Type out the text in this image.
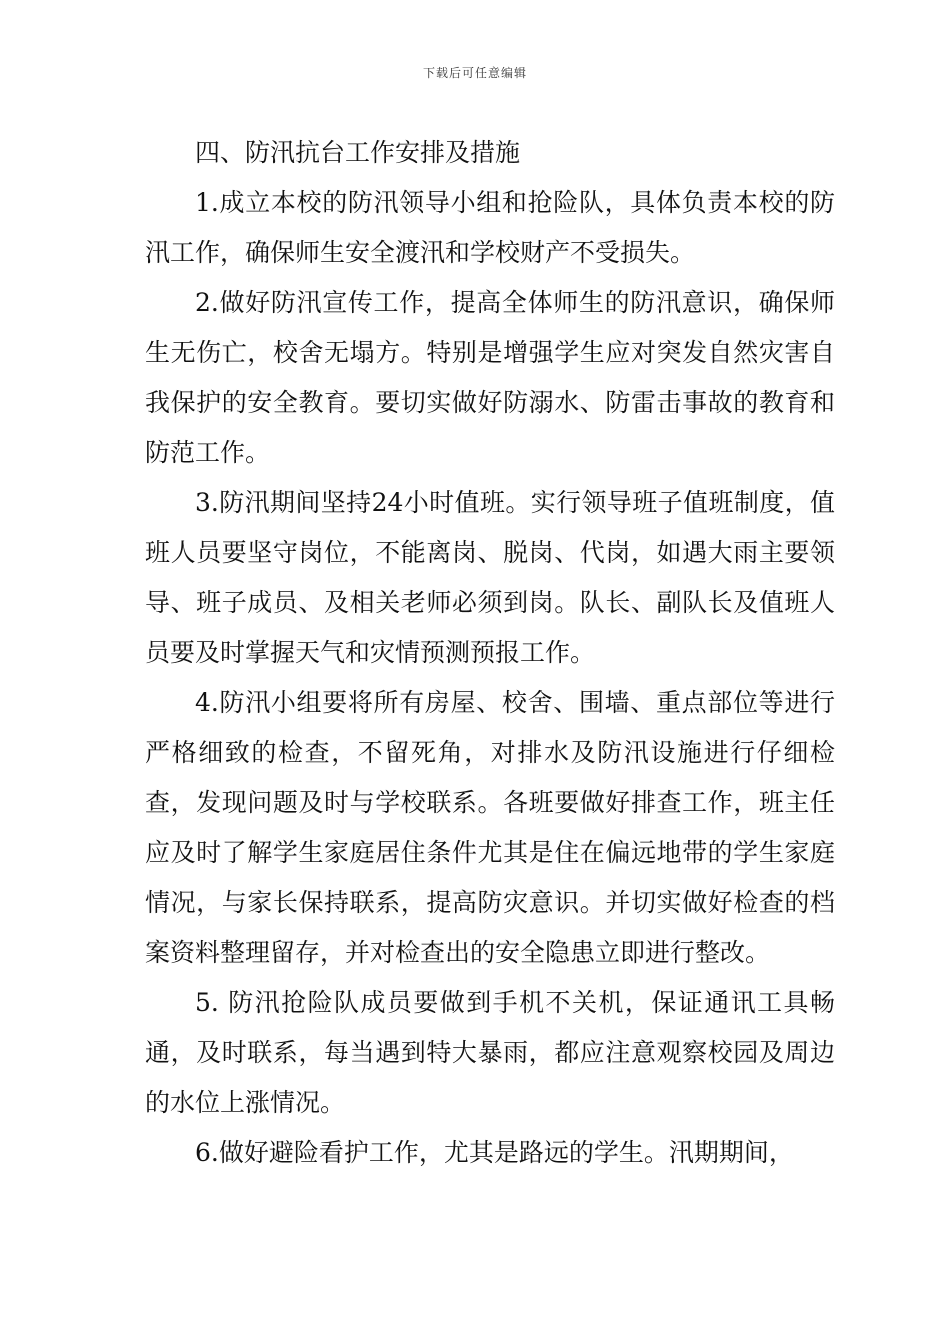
下载后可任意编辑

四、防汛抗台工作安排及措施

1.成立本校的防汛领导小组和抢险队，具体负责本校的防汛工作，确保师生安全渡汛和学校财产不受损失。

2.做好防汛宣传工作，提高全体师生的防汛意识，确保师生无伤亡，校舍无塌方。特别是增强学生应对突发自然灾害自我保护的安全教育。要切实做好防溺水、防雷击事故的教育和防范工作。

3.防汛期间坚持24小时值班。实行领导班子值班制度，值班人员要坚守岗位，不能离岗、脱岗、代岗，如遇大雨主要领导、班子成员、及相关老师必须到岗。队长、副队长及值班人员要及时掌握天气和灾情预测预报工作。

4.防汛小组要将所有房屋、校舍、围墙、重点部位等进行严格细致的检查，不留死角，对排水及防汛设施进行仔细检查，发现问题及时与学校联系。各班要做好排查工作，班主任应及时了解学生家庭居住条件尤其是住在偏远地带的学生家庭情况，与家长保持联系，提高防灾意识。并切实做好检查的档案资料整理留存，并对检查出的安全隐患立即进行整改。

5. 防汛抢险队成员要做到手机不关机，保证通讯工具畅通，及时联系，每当遇到特大暴雨，都应注意观察校园及周边的水位上涨情况。

6.做好避险看护工作，尤其是路远的学生。汛期期间，
